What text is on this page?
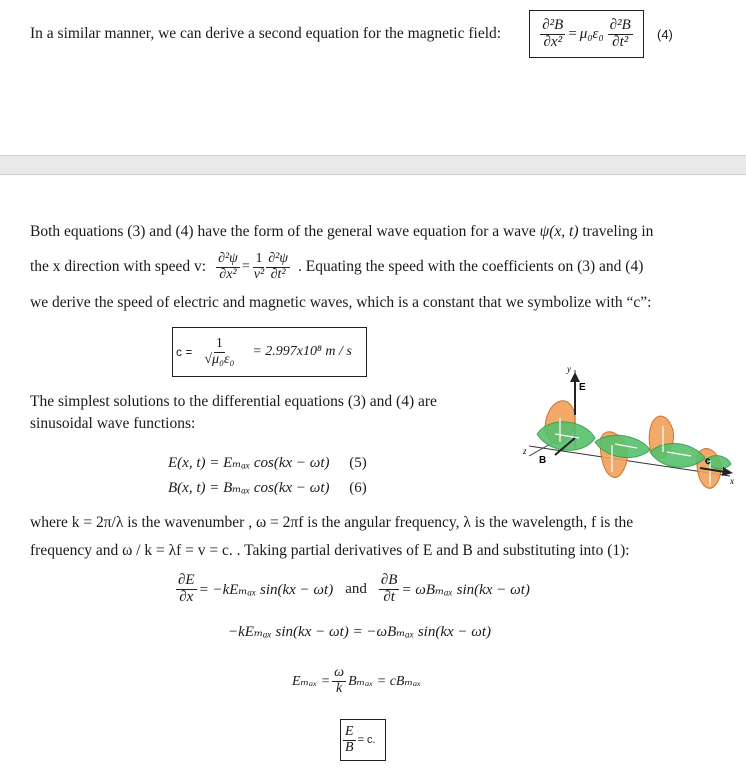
In a similar manner, we can derive a second equation for the magnetic field:	$\frac{\text{∂²B}}{\text{∂x²}} = \mu_0\varepsilon_0 \frac{\text{∂²B}}{\text{∂t²}} (4)$
Both equations (3) and (4) have the form of the general wave equation for a wave ψ(x, t) traveling in
the x direction with speed v: $\frac{\text{∂²ψ}}{\text{∂x²}} = \frac{1}{\text{v²}} \frac{\text{∂²ψ}}{\text{∂t²}}$ . Equating the speed with the coefficients on (3) and (4)
we derive the speed of electric and magnetic waves, which is a constant that we symbolize with “c”:
$c = \frac{1}{\text{√μ₀ε₀}} = 2.997x10^8$ m / s
The simplest solutions to the differential equations (3) and (4) are
sinusoidal wave functions:
E(x, t) = Eₘₐₓ cos(kx − ωt) (5)
B(x, t) = Bₘₐₓ cos(kx − ωt) (6)
y
E
z
B	c
x
where k = 2π/λ is the wavenumber , ω = 2πf is the angular frequency, λ is the wavelength, f is the
frequency and ω / k = λf = v = c. . Taking partial derivatives of E and B and substituting into (1):
$\frac{\partial E}{\partial x} = -kE_{max}$ sin(kx − ωt) and $\frac{\partial B}{\partial t} = \omega B_{max}$ sin(kx − ωt)
−kEₘₐₓ sin(kx − ωt) = −ωBₘₐₓ sin(kx − ωt)
$E_{max} = \frac{\omega}{k}$ Bₘₐₓ = cBₘₐₓ
$\frac{E}{B} = c$.
